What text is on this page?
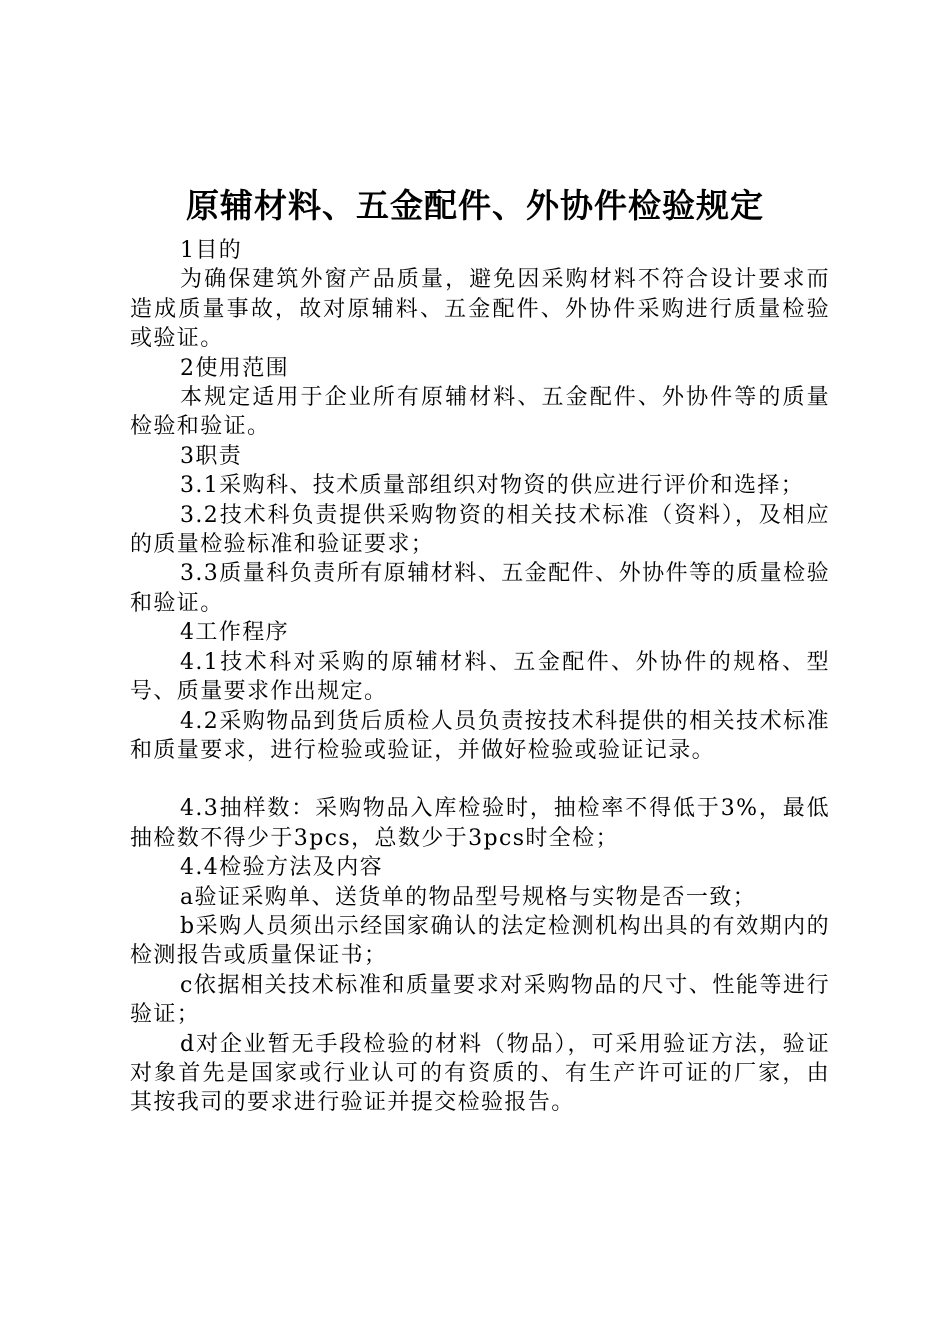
原辅材料、五金配件、外协件检验规定

1目的

为确保建筑外窗产品质量，避免因采购材料不符合设计要求而造成质量事故，故对原辅料、五金配件、外协件采购进行质量检验或验证。

2使用范围

本规定适用于企业所有原辅材料、五金配件、外协件等的质量检验和验证。

3职责

3.1采购科、技术质量部组织对物资的供应进行评价和选择；

3.2技术科负责提供采购物资的相关技术标准（资料），及相应的质量检验标准和验证要求；

3.3质量科负责所有原辅材料、五金配件、外协件等的质量检验和验证。

4工作程序

4.1技术科对采购的原辅材料、五金配件、外协件的规格、型号、质量要求作出规定。

4.2采购物品到货后质检人员负责按技术科提供的相关技术标准和质量要求，进行检验或验证，并做好检验或验证记录。

4.3抽样数：采购物品入库检验时，抽检率不得低于3%，最低抽检数不得少于3pcs，总数少于3pcs时全检；

4.4检验方法及内容

a验证采购单、送货单的物品型号规格与实物是否一致；

b采购人员须出示经国家确认的法定检测机构出具的有效期内的检测报告或质量保证书；

c依据相关技术标准和质量要求对采购物品的尺寸、性能等进行验证；

d对企业暂无手段检验的材料（物品），可采用验证方法，验证对象首先是国家或行业认可的有资质的、有生产许可证的厂家，由其按我司的要求进行验证并提交检验报告。
